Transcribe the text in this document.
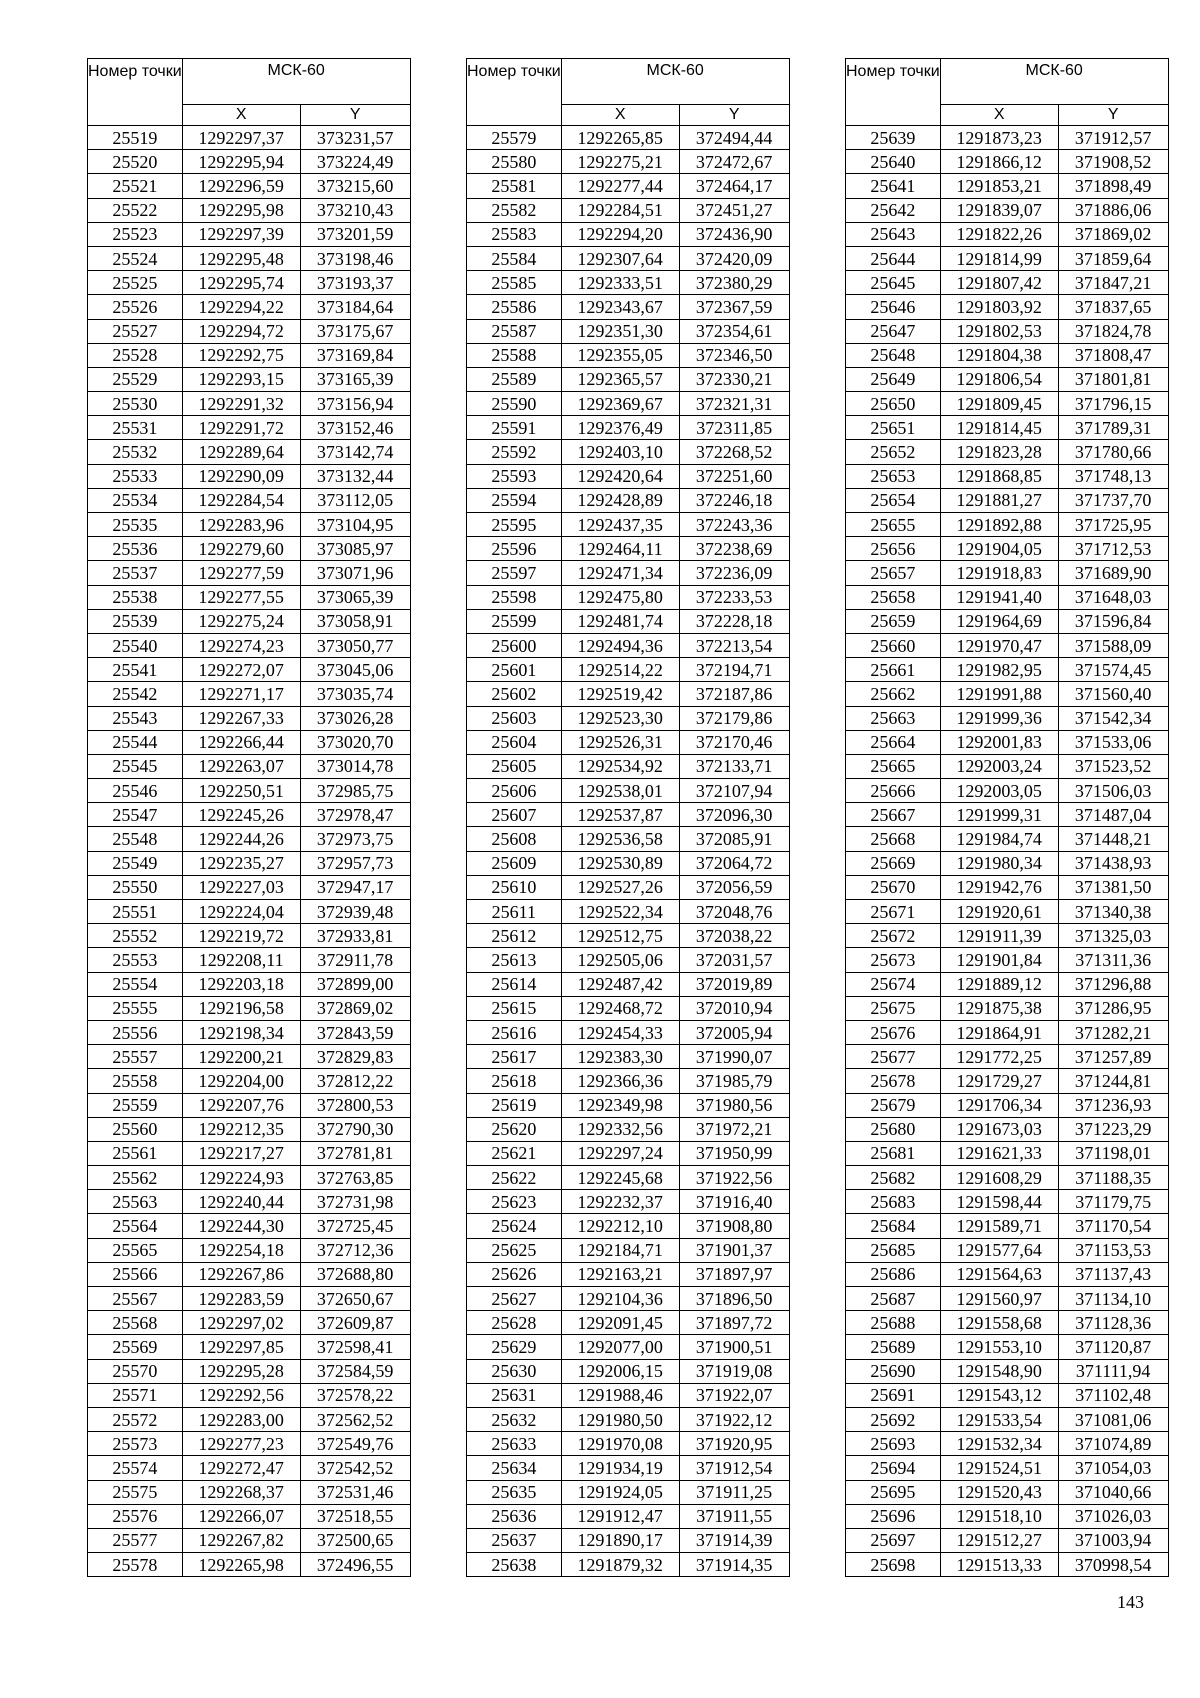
Номер точки	МСК-60	
	X	Y
25519	1292297,37	373231,57
25520	1292295,94	373224,49
25521	1292296,59	373215,60
25522	1292295,98	373210,43
25523	1292297,39	373201,59
25524	1292295,48	373198,46
25525	1292295,74	373193,37
25526	1292294,22	373184,64
25527	1292294,72	373175,67
25528	1292292,75	373169,84
25529	1292293,15	373165,39
25530	1292291,32	373156,94
25531	1292291,72	373152,46
25532	1292289,64	373142,74
25533	1292290,09	373132,44
25534	1292284,54	373112,05
25535	1292283,96	373104,95
25536	1292279,60	373085,97
25537	1292277,59	373071,96
25538	1292277,55	373065,39
25539	1292275,24	373058,91
25540	1292274,23	373050,77
25541	1292272,07	373045,06
25542	1292271,17	373035,74
25543	1292267,33	373026,28
25544	1292266,44	373020,70
25545	1292263,07	373014,78
25546	1292250,51	372985,75
25547	1292245,26	372978,47
25548	1292244,26	372973,75
25549	1292235,27	372957,73
25550	1292227,03	372947,17
25551	1292224,04	372939,48
25552	1292219,72	372933,81
25553	1292208,11	372911,78
25554	1292203,18	372899,00
25555	1292196,58	372869,02
25556	1292198,34	372843,59
25557	1292200,21	372829,83
25558	1292204,00	372812,22
25559	1292207,76	372800,53
25560	1292212,35	372790,30
25561	1292217,27	372781,81
25562	1292224,93	372763,85
25563	1292240,44	372731,98
25564	1292244,30	372725,45
25565	1292254,18	372712,36
25566	1292267,86	372688,80
25567	1292283,59	372650,67
25568	1292297,02	372609,87
25569	1292297,85	372598,41
25570	1292295,28	372584,59
25571	1292292,56	372578,22
25572	1292283,00	372562,52
25573	1292277,23	372549,76
25574	1292272,47	372542,52
25575	1292268,37	372531,46
25576	1292266,07	372518,55
25577	1292267,82	372500,65
25578	1292265,98	372496,55
Номер точки	МСК-60	
	X	Y
25579	1292265,85	372494,44
25580	1292275,21	372472,67
25581	1292277,44	372464,17
25582	1292284,51	372451,27
25583	1292294,20	372436,90
25584	1292307,64	372420,09
25585	1292333,51	372380,29
25586	1292343,67	372367,59
25587	1292351,30	372354,61
25588	1292355,05	372346,50
25589	1292365,57	372330,21
25590	1292369,67	372321,31
25591	1292376,49	372311,85
25592	1292403,10	372268,52
25593	1292420,64	372251,60
25594	1292428,89	372246,18
25595	1292437,35	372243,36
25596	1292464,11	372238,69
25597	1292471,34	372236,09
25598	1292475,80	372233,53
25599	1292481,74	372228,18
25600	1292494,36	372213,54
25601	1292514,22	372194,71
25602	1292519,42	372187,86
25603	1292523,30	372179,86
25604	1292526,31	372170,46
25605	1292534,92	372133,71
25606	1292538,01	372107,94
25607	1292537,87	372096,30
25608	1292536,58	372085,91
25609	1292530,89	372064,72
25610	1292527,26	372056,59
25611	1292522,34	372048,76
25612	1292512,75	372038,22
25613	1292505,06	372031,57
25614	1292487,42	372019,89
25615	1292468,72	372010,94
25616	1292454,33	372005,94
25617	1292383,30	371990,07
25618	1292366,36	371985,79
25619	1292349,98	371980,56
25620	1292332,56	371972,21
25621	1292297,24	371950,99
25622	1292245,68	371922,56
25623	1292232,37	371916,40
25624	1292212,10	371908,80
25625	1292184,71	371901,37
25626	1292163,21	371897,97
25627	1292104,36	371896,50
25628	1292091,45	371897,72
25629	1292077,00	371900,51
25630	1292006,15	371919,08
25631	1291988,46	371922,07
25632	1291980,50	371922,12
25633	1291970,08	371920,95
25634	1291934,19	371912,54
25635	1291924,05	371911,25
25636	1291912,47	371911,55
25637	1291890,17	371914,39
25638	1291879,32	371914,35
Номер точки	МСК-60	
	X	Y
25639	1291873,23	371912,57
25640	1291866,12	371908,52
25641	1291853,21	371898,49
25642	1291839,07	371886,06
25643	1291822,26	371869,02
25644	1291814,99	371859,64
25645	1291807,42	371847,21
25646	1291803,92	371837,65
25647	1291802,53	371824,78
25648	1291804,38	371808,47
25649	1291806,54	371801,81
25650	1291809,45	371796,15
25651	1291814,45	371789,31
25652	1291823,28	371780,66
25653	1291868,85	371748,13
25654	1291881,27	371737,70
25655	1291892,88	371725,95
25656	1291904,05	371712,53
25657	1291918,83	371689,90
25658	1291941,40	371648,03
25659	1291964,69	371596,84
25660	1291970,47	371588,09
25661	1291982,95	371574,45
25662	1291991,88	371560,40
25663	1291999,36	371542,34
25664	1292001,83	371533,06
25665	1292003,24	371523,52
25666	1292003,05	371506,03
25667	1291999,31	371487,04
25668	1291984,74	371448,21
25669	1291980,34	371438,93
25670	1291942,76	371381,50
25671	1291920,61	371340,38
25672	1291911,39	371325,03
25673	1291901,84	371311,36
25674	1291889,12	371296,88
25675	1291875,38	371286,95
25676	1291864,91	371282,21
25677	1291772,25	371257,89
25678	1291729,27	371244,81
25679	1291706,34	371236,93
25680	1291673,03	371223,29
25681	1291621,33	371198,01
25682	1291608,29	371188,35
25683	1291598,44	371179,75
25684	1291589,71	371170,54
25685	1291577,64	371153,53
25686	1291564,63	371137,43
25687	1291560,97	371134,10
25688	1291558,68	371128,36
25689	1291553,10	371120,87
25690	1291548,90	371111,94
25691	1291543,12	371102,48
25692	1291533,54	371081,06
25693	1291532,34	371074,89
25694	1291524,51	371054,03
25695	1291520,43	371040,66
25696	1291518,10	371026,03
25697	1291512,27	371003,94
25698	1291513,33	370998,54
143
